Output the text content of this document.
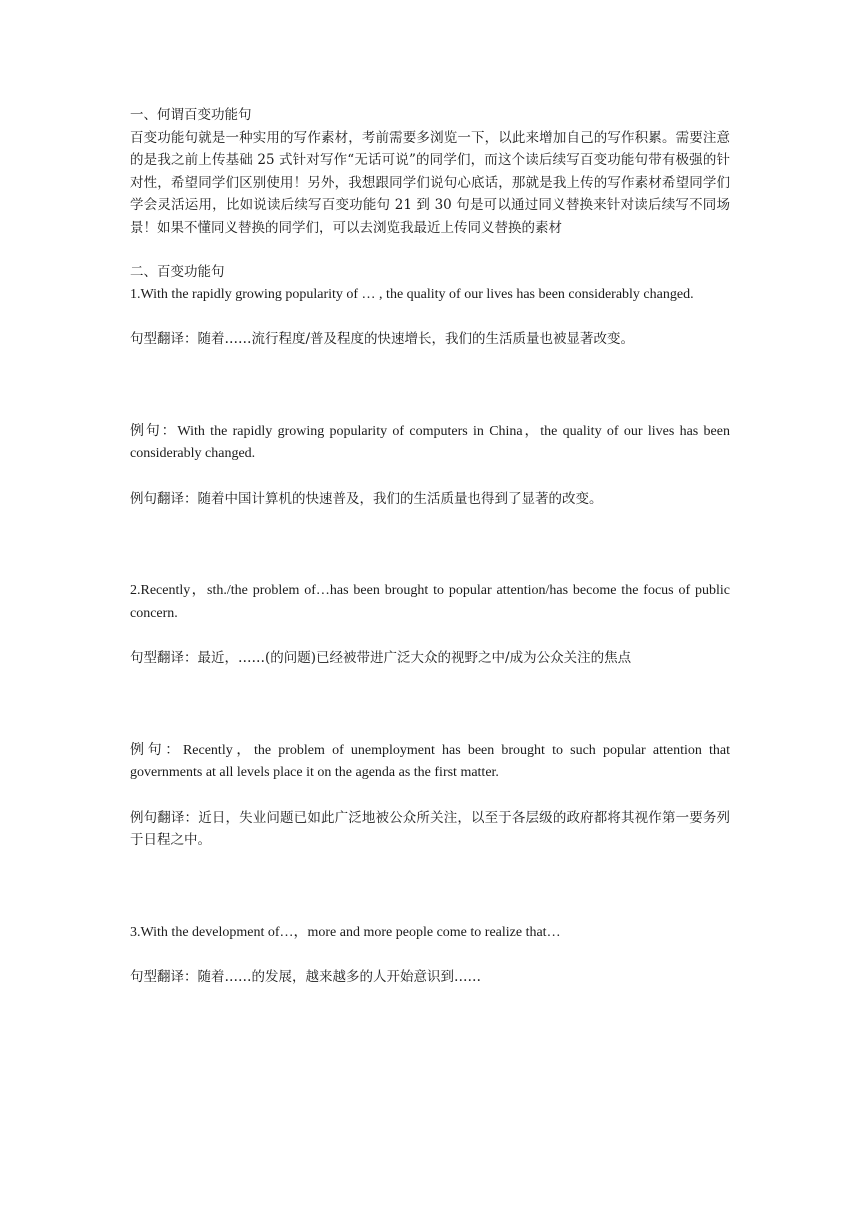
一、何谓百变功能句

百变功能句就是一种实用的写作素材，考前需要多浏览一下，以此来增加自己的写作积累。需要注意的是我之前上传基础 25 式针对写作“无话可说”的同学们，而这个读后续写百变功能句带有极强的针对性，希望同学们区别使用！另外，我想跟同学们说句心底话，那就是我上传的写作素材希望同学们学会灵活运用，比如说读后续写百变功能句 21 到 30 句是可以通过同义替换来针对读后续写不同场景！如果不懂同义替换的同学们，可以去浏览我最近上传同义替换的素材

二、百变功能句

1.With the rapidly growing popularity of … , the quality of our lives has been considerably changed.

句型翻译：随着……流行程度/普及程度的快速增长，我们的生活质量也被显著改变。

例句：With the rapidly growing popularity of computers in China，the quality of our lives has been considerably changed.

例句翻译：随着中国计算机的快速普及，我们的生活质量也得到了显著的改变。

2.Recently，sth./the problem of…has been brought to popular attention/has become the focus of public concern.

句型翻译：最近，……(的问题)已经被带进广泛大众的视野之中/成为公众关注的焦点

例句：Recently，the problem of unemployment has been brought to such popular attention that governments at all levels place it on the agenda as the first matter.

例句翻译：近日，失业问题已如此广泛地被公众所关注，以至于各层级的政府都将其视作第一要务列于日程之中。

3.With the development of…，more and more people come to realize that…

句型翻译：随着……的发展，越来越多的人开始意识到……
